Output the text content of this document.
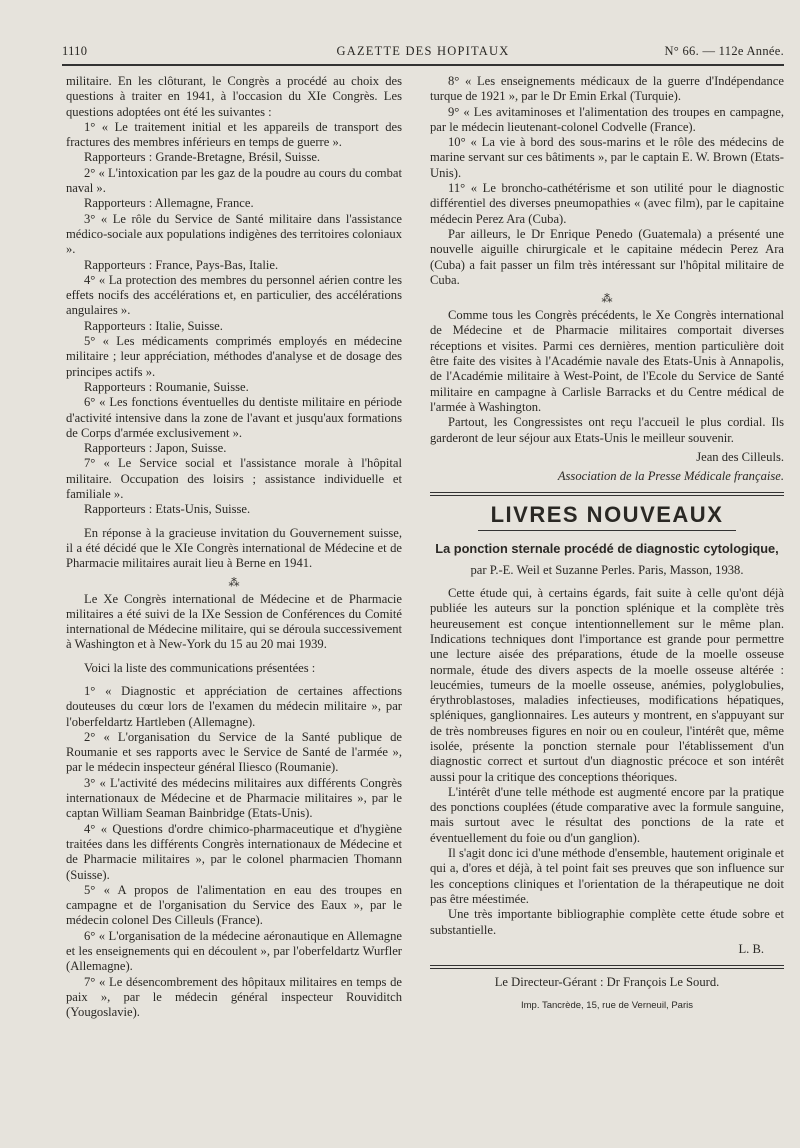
1110	GAZETTE DES HOPITAUX	N° 66. — 112e Année.

militaire. En les clôturant, le Congrès a procédé au choix des questions à traiter en 1941, à l'occasion du XIe Congrès. Les questions adoptées ont été les suivantes :

1° « Le traitement initial et les appareils de transport des fractures des membres inférieurs en temps de guerre ».

Rapporteurs : Grande-Bretagne, Brésil, Suisse.

2° « L'intoxication par les gaz de la poudre au cours du combat naval ».

Rapporteurs : Allemagne, France.

3° « Le rôle du Service de Santé militaire dans l'assistance médico-sociale aux populations indigènes des territoires coloniaux ».

Rapporteurs : France, Pays-Bas, Italie.

4° « La protection des membres du personnel aérien contre les effets nocifs des accélérations et, en particulier, des accélérations angulaires ».

Rapporteurs : Italie, Suisse.

5° « Les médicaments comprimés employés en médecine militaire ; leur appréciation, méthodes d'analyse et de dosage des principes actifs ».

Rapporteurs : Roumanie, Suisse.

6° « Les fonctions éventuelles du dentiste militaire en période d'activité intensive dans la zone de l'avant et jusqu'aux formations de Corps d'armée exclusivement ».

Rapporteurs : Japon, Suisse.

7° « Le Service social et l'assistance morale à l'hôpital militaire. Occupation des loisirs ; assistance individuelle et familiale ».

Rapporteurs : Etats-Unis, Suisse.

En réponse à la gracieuse invitation du Gouvernement suisse, il a été décidé que le XIe Congrès international de Médecine et de Pharmacie militaires aurait lieu à Berne en 1941.

⁂

Le Xe Congrès international de Médecine et de Pharmacie militaires a été suivi de la IXe Session de Conférences du Comité international de Médecine militaire, qui se déroula successivement à Washington et à New-York du 15 au 20 mai 1939.

Voici la liste des communications présentées :

1° « Diagnostic et appréciation de certaines affections douteuses du cœur lors de l'examen du médecin militaire », par l'oberfeldartz Hartleben (Allemagne).

2° « L'organisation du Service de la Santé publique de Roumanie et ses rapports avec le Service de Santé de l'armée », par le médecin inspecteur général Iliesco (Roumanie).

3° « L'activité des médecins militaires aux différents Congrès internationaux de Médecine et de Pharmacie militaires », par le captan William Seaman Bainbridge (Etats-Unis).

4° « Questions d'ordre chimico-pharmaceutique et d'hygiène traitées dans les différents Congrès internationaux de Médecine et de Pharmacie militaires », par le colonel pharmacien Thomann (Suisse).

5° « A propos de l'alimentation en eau des troupes en campagne et de l'organisation du Service des Eaux », par le médecin colonel Des Cilleuls (France).

6° « L'organisation de la médecine aéronautique en Allemagne et les enseignements qui en découlent », par l'oberfeldartz Wurfler (Allemagne).

7° « Le désencombrement des hôpitaux militaires en temps de paix », par le médecin général inspecteur Rouviditch (Yougoslavie).

8° « Les enseignements médicaux de la guerre d'Indépendance turque de 1921 », par le Dr Emin Erkal (Turquie).

9° « Les avitaminoses et l'alimentation des troupes en campagne, par le médecin lieutenant-colonel Codvelle (France).

10° « La vie à bord des sous-marins et le rôle des médecins de marine servant sur ces bâtiments », par le captain E. W. Brown (Etats-Unis).

11° « Le broncho-cathétérisme et son utilité pour le diagnostic différentiel des diverses pneumopathies « (avec film), par le capitaine médecin Perez Ara (Cuba).

Par ailleurs, le Dr Enrique Penedo (Guatemala) a présenté une nouvelle aiguille chirurgicale et le capitaine médecin Perez Ara (Cuba) a fait passer un film très intéressant sur l'hôpital militaire de Cuba.

⁂

Comme tous les Congrès précédents, le Xe Congrès international de Médecine et de Pharmacie militaires comportait diverses réceptions et visites. Parmi ces dernières, mention particulière doit être faite des visites à l'Académie navale des Etats-Unis à Annapolis, de l'Académie militaire à West-Point, de l'Ecole du Service de Santé militaire en campagne à Carlisle Barracks et du Centre médical de l'armée à Washington.

Partout, les Congressistes ont reçu l'accueil le plus cordial. Ils garderont de leur séjour aux Etats-Unis le meilleur souvenir.

Jean des Cilleuls.
Association de la Presse Médicale française.
LIVRES NOUVEAUX
La ponction sternale procédé de diagnostic cytologique,
par P.-E. Weil et Suzanne Perles. Paris, Masson, 1938.

Cette étude qui, à certains égards, fait suite à celle qu'ont déjà publiée les auteurs sur la ponction splénique et la complète très heureusement est conçue intentionnellement sur le même plan. Indications techniques dont l'importance est grande pour permettre une lecture aisée des préparations, étude de la moelle osseuse normale, étude des divers aspects de la moelle osseuse altérée : leucémies, tumeurs de la moelle osseuse, anémies, polyglobulies, érythroblastoses, maladies infectieuses, modifications hépatiques, spléniques, ganglionnaires. Les auteurs y montrent, en s'appuyant sur de très nombreuses figures en noir ou en couleur, l'intérêt que, même isolée, présente la ponction sternale pour l'établissement d'un diagnostic correct et surtout d'un diagnostic précoce et son intérêt aussi pour la critique des conceptions théoriques.

L'intérêt d'une telle méthode est augmenté encore par la pratique des ponctions couplées (étude comparative avec la formule sanguine, mais surtout avec le résultat des ponctions de la rate et éventuellement du foie ou d'un ganglion).

Il s'agit donc ici d'une méthode d'ensemble, hautement originale et qui a, d'ores et déjà, à tel point fait ses preuves que son influence sur les conceptions cliniques et l'orientation de la thérapeutique ne doit pas être méestimée.

Une très importante bibliographie complète cette étude sobre et substantielle.

L. B.
Le Directeur-Gérant : Dr François Le Sourd.
Imp. Tancrède, 15, rue de Verneuil, Paris
